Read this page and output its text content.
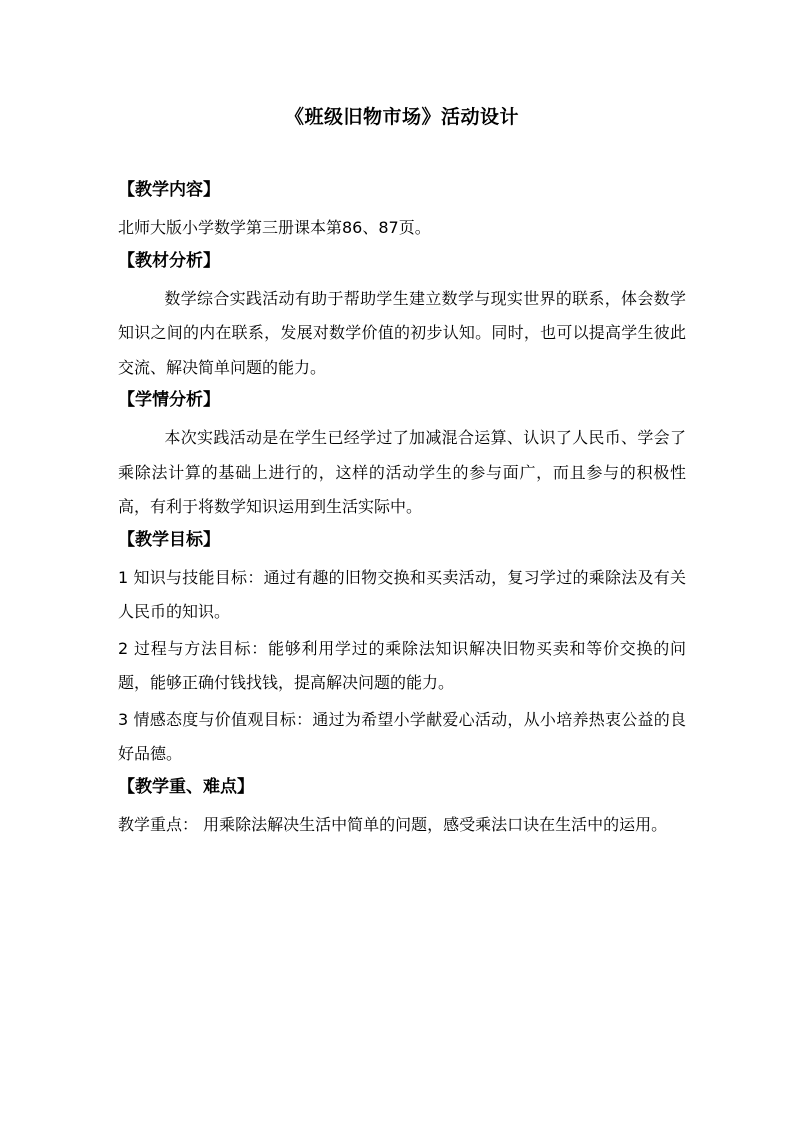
《班级旧物市场》活动设计
【教学内容】
北师大版小学数学第三册课本第86、87页。
【教材分析】
数学综合实践活动有助于帮助学生建立数学与现实世界的联系，体会数学知识之间的内在联系，发展对数学价值的初步认知。同时，也可以提高学生彼此交流、解决简单问题的能力。
【学情分析】
本次实践活动是在学生已经学过了加减混合运算、认识了人民币、学会了乘除法计算的基础上进行的，这样的活动学生的参与面广，而且参与的积极性高，有利于将数学知识运用到生活实际中。
【教学目标】
1 知识与技能目标：通过有趣的旧物交换和买卖活动，复习学过的乘除法及有关人民币的知识。
2 过程与方法目标：能够利用学过的乘除法知识解决旧物买卖和等价交换的问题，能够正确付钱找钱，提高解决问题的能力。
3 情感态度与价值观目标：通过为希望小学献爱心活动，从小培养热衷公益的良好品德。
【教学重、难点】
教学重点： 用乘除法解决生活中简单的问题，感受乘法口诀在生活中的运用。
